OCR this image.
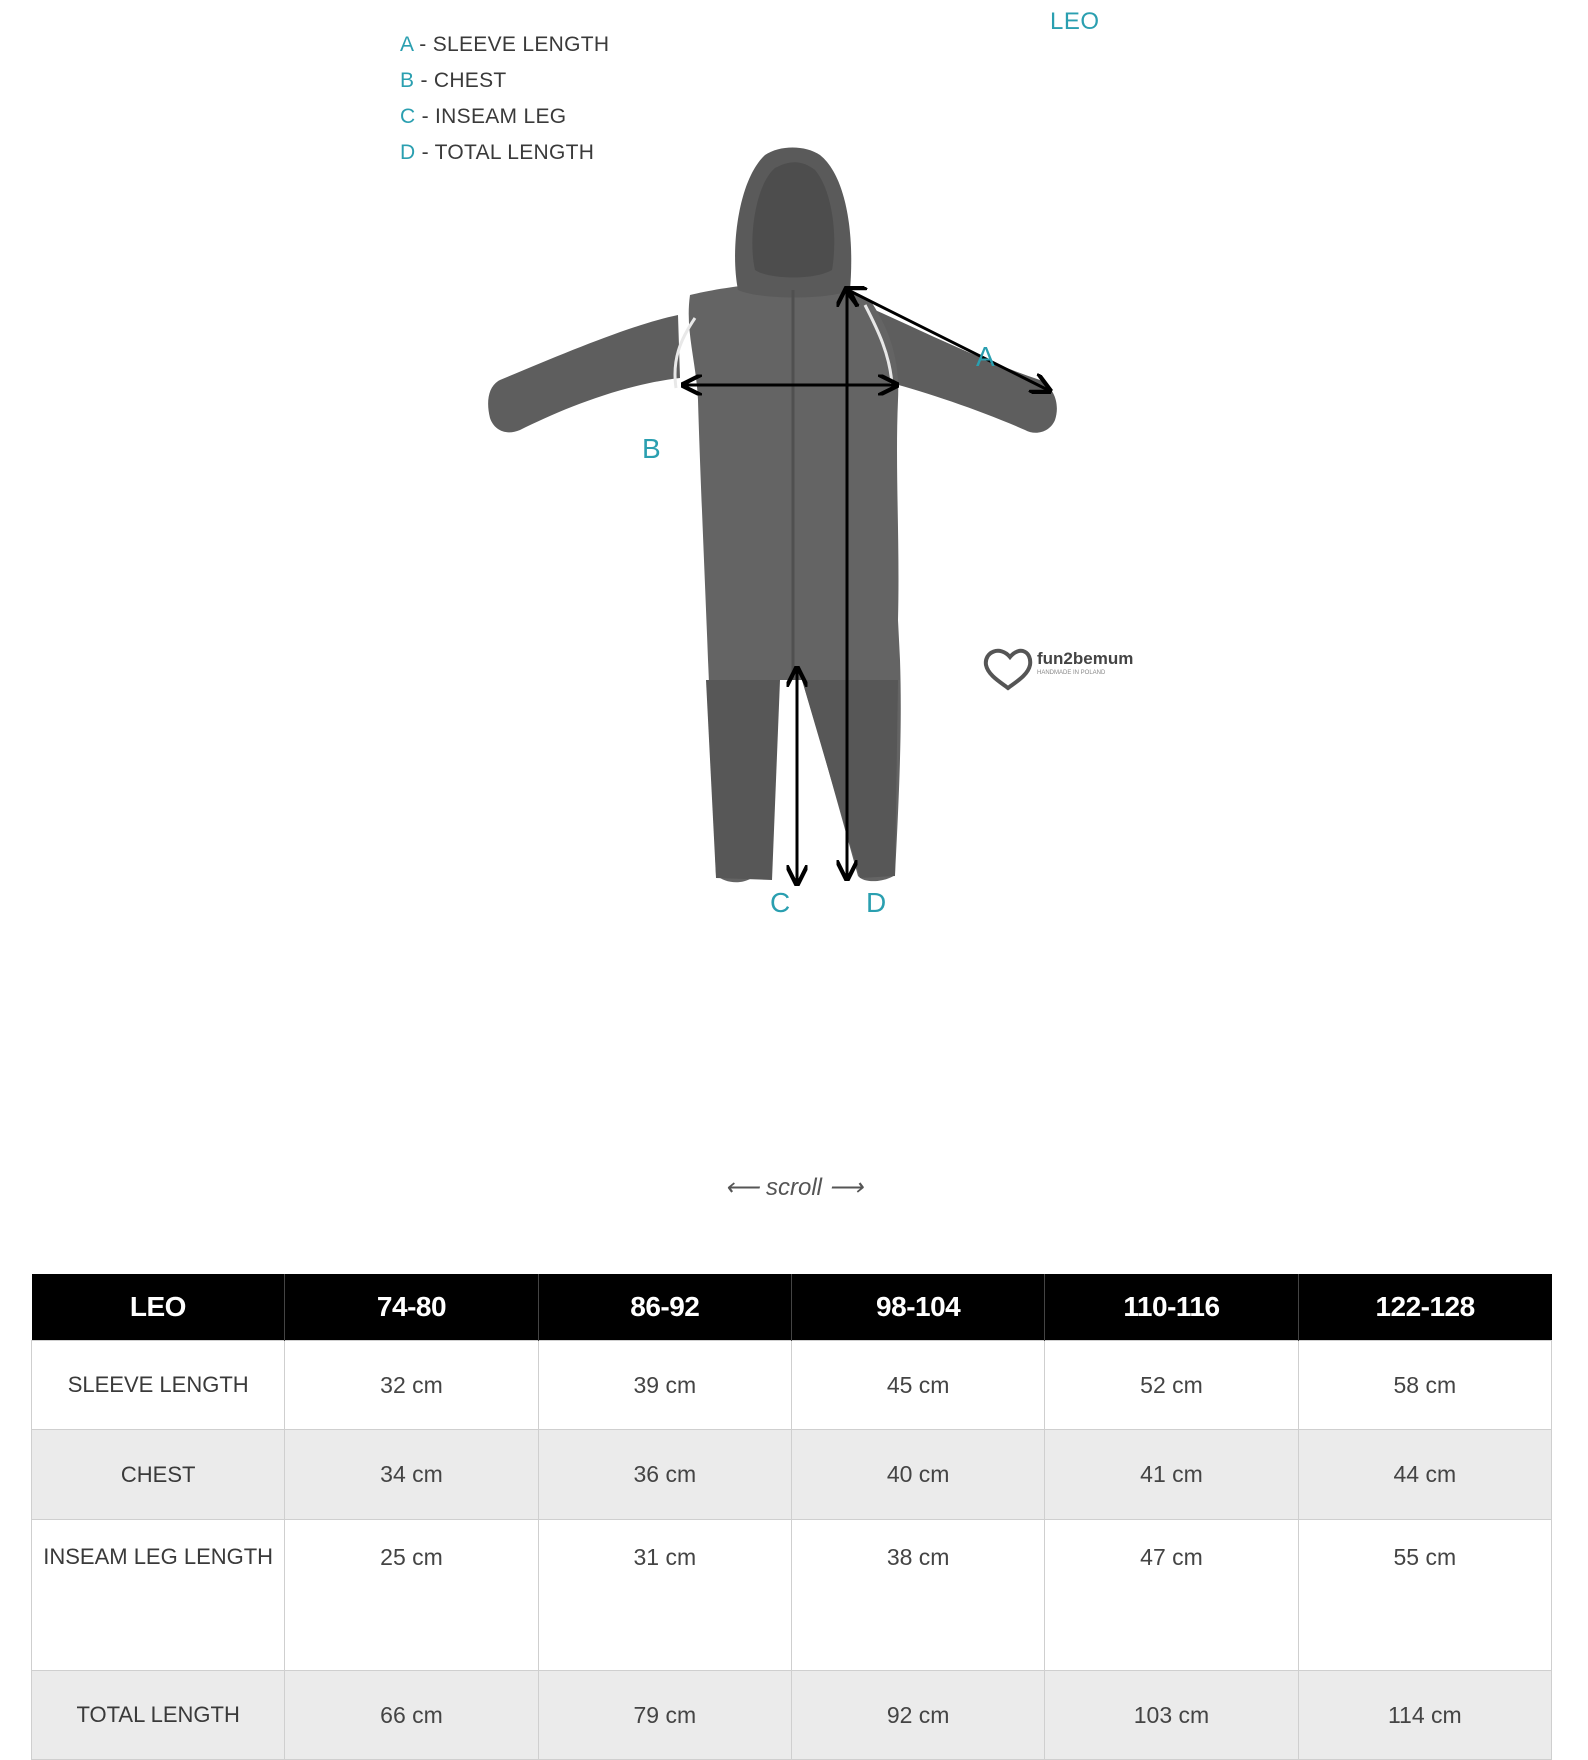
A - SLEEVE LENGTH
B - CHEST
C - INSEAM LEG
D - TOTAL LENGTH
LEO
A
B
C	D
fun2bemum
HANDMADE IN POLAND
⟵ scroll ⟶
LEO	74-80	86-92	98-104	110-116	122-128
SLEEVE LENGTH	32 cm	39 cm	45 cm	52 cm	58 cm
CHEST	34 cm	36 cm	40 cm	41 cm	44 cm
INSEAM LEG LENGTH	25 cm	31 cm	38 cm	47 cm	55 cm
TOTAL LENGTH	66 cm	79 cm	92 cm	103 cm	114 cm
